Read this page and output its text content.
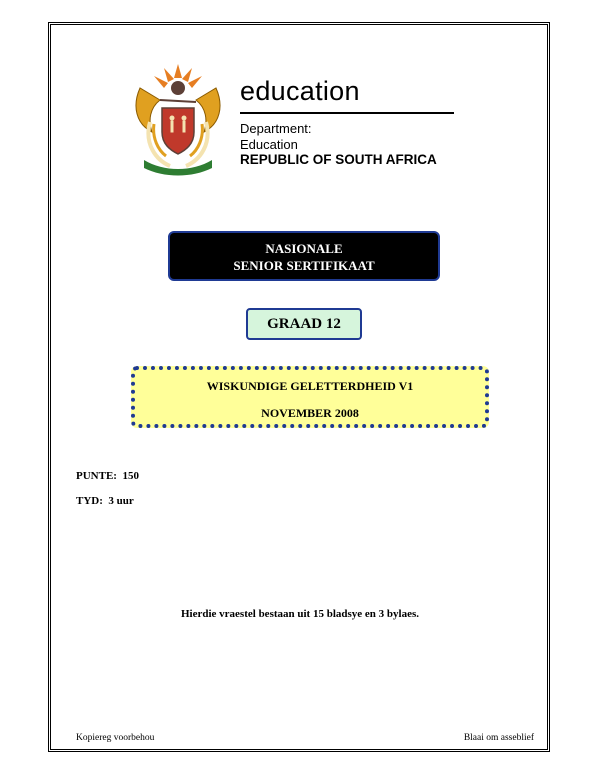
education
Department:
Education
REPUBLIC OF SOUTH AFRICA
NASIONALE
SENIOR SERTIFIKAAT
GRAAD 12
WISKUNDIGE GELETTERDHEID V1
NOVEMBER 2008
PUNTE: 150
TYD: 3 uur
Hierdie vraestel bestaan uit 15 bladsye en 3 bylaes.
Kopiereg voorbehou	Blaai om asseblief
